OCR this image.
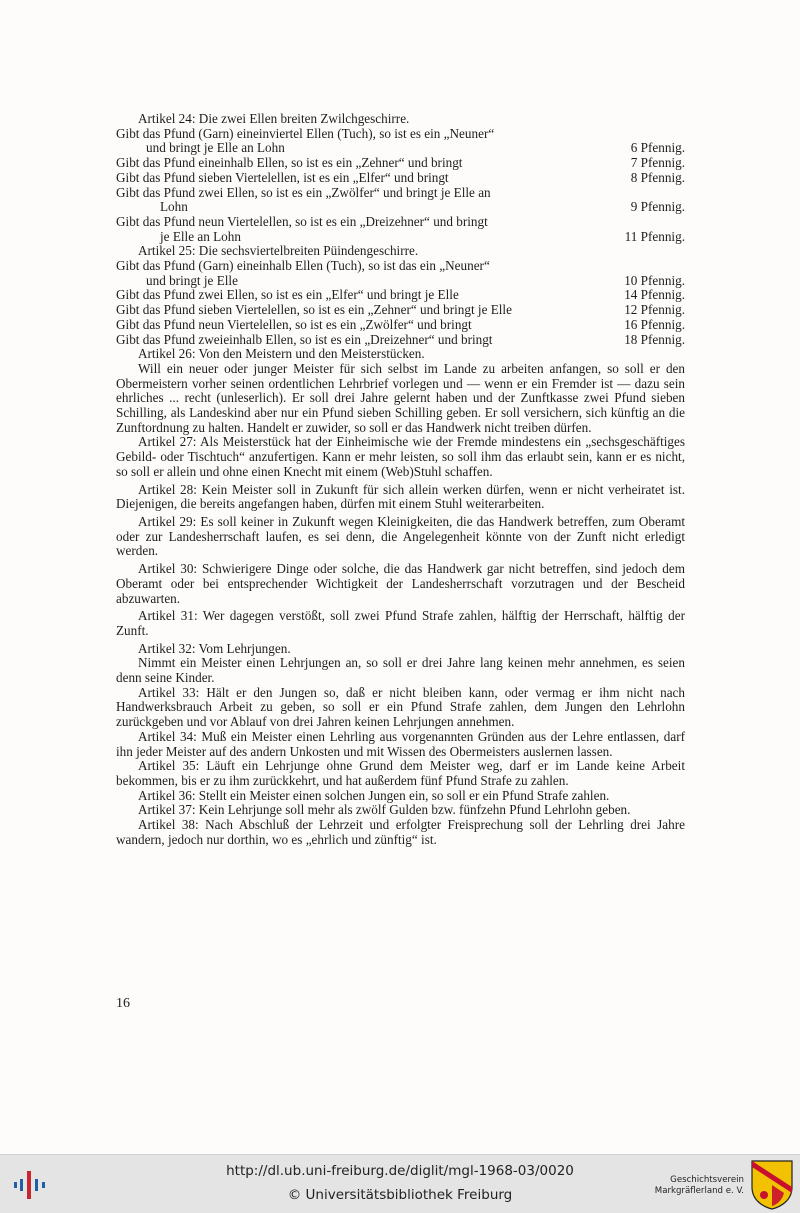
Artikel 24: Die zwei Ellen breiten Zwilchgeschirre.
Gibt das Pfund (Garn) eineinviertel Ellen (Tuch), so ist es ein „Neuner“
und bringt je Elle an Lohn	6 Pfennig.
Gibt das Pfund eineinhalb Ellen, so ist es ein „Zehner“ und bringt	7 Pfennig.
Gibt das Pfund sieben Viertelellen, ist es ein „Elfer“ und bringt	8 Pfennig.
Gibt das Pfund zwei Ellen, so ist es ein „Zwölfer“ und bringt je Elle an
Lohn	9 Pfennig.
Gibt das Pfund neun Viertelellen, so ist es ein „Dreizehner“ und bringt
je Elle an Lohn	11 Pfennig.
Artikel 25: Die sechsviertelbreiten Püindengeschirre.
Gibt das Pfund (Garn) eineinhalb Ellen (Tuch), so ist das ein „Neuner“
und bringt je Elle	10 Pfennig.
Gibt das Pfund zwei Ellen, so ist es ein „Elfer“ und bringt je Elle	14 Pfennig.
Gibt das Pfund sieben Viertelellen, so ist es ein „Zehner“ und bringt je Elle	12 Pfennig.
Gibt das Pfund neun Viertelellen, so ist es ein „Zwölfer“ und bringt	16 Pfennig.
Gibt das Pfund zweieinhalb Ellen, so ist es ein „Dreizehner“ und bringt	18 Pfennig.
Artikel 26: Von den Meistern und den Meisterstücken.

Will ein neuer oder junger Meister für sich selbst im Lande zu arbeiten anfangen, so soll er den Obermeistern vorher seinen ordentlichen Lehrbrief vorlegen und — wenn er ein Fremder ist — dazu sein ehrliches ... recht (unleserlich). Er soll drei Jahre gelernt haben und der Zunftkasse zwei Pfund sieben Schilling, als Landeskind aber nur ein Pfund sieben Schilling geben. Er soll versichern, sich künftig an die Zunftordnung zu halten. Handelt er zuwider, so soll er das Handwerk nicht treiben dürfen.

Artikel 27: Als Meisterstück hat der Einheimische wie der Fremde mindestens ein „sechsgeschäftiges Gebild- oder Tischtuch“ anzufertigen. Kann er mehr leisten, so soll ihm das erlaubt sein, kann er es nicht, so soll er allein und ohne einen Knecht mit einem (Web)Stuhl schaffen.

Artikel 28: Kein Meister soll in Zukunft für sich allein werken dürfen, wenn er nicht verheiratet ist. Diejenigen, die bereits angefangen haben, dürfen mit einem Stuhl weiterarbeiten.

Artikel 29: Es soll keiner in Zukunft wegen Kleinigkeiten, die das Handwerk betreffen, zum Oberamt oder zur Landesherrschaft laufen, es sei denn, die Angelegenheit könnte von der Zunft nicht erledigt werden.

Artikel 30: Schwierigere Dinge oder solche, die das Handwerk gar nicht betreffen, sind jedoch dem Oberamt oder bei entsprechender Wichtigkeit der Landesherrschaft vorzutragen und der Bescheid abzuwarten.

Artikel 31: Wer dagegen verstößt, soll zwei Pfund Strafe zahlen, hälftig der Herrschaft, hälftig der Zunft.

Artikel 32: Vom Lehrjungen.

Nimmt ein Meister einen Lehrjungen an, so soll er drei Jahre lang keinen mehr annehmen, es seien denn seine Kinder.

Artikel 33: Hält er den Jungen so, daß er nicht bleiben kann, oder vermag er ihm nicht nach Handwerksbrauch Arbeit zu geben, so soll er ein Pfund Strafe zahlen, dem Jungen den Lehrlohn zurückgeben und vor Ablauf von drei Jahren keinen Lehrjungen annehmen.

Artikel 34: Muß ein Meister einen Lehrling aus vorgenannten Gründen aus der Lehre entlassen, darf ihn jeder Meister auf des andern Unkosten und mit Wissen des Obermeisters auslernen lassen.

Artikel 35: Läuft ein Lehrjunge ohne Grund dem Meister weg, darf er im Lande keine Arbeit bekommen, bis er zu ihm zurückkehrt, und hat außerdem fünf Pfund Strafe zu zahlen.

Artikel 36: Stellt ein Meister einen solchen Jungen ein, so soll er ein Pfund Strafe zahlen.

Artikel 37: Kein Lehrjunge soll mehr als zwölf Gulden bzw. fünfzehn Pfund Lehrlohn geben.

Artikel 38: Nach Abschluß der Lehrzeit und erfolgter Freisprechung soll der Lehrling drei Jahre wandern, jedoch nur dorthin, wo es „ehrlich und zünftig“ ist.

16
http://dl.ub.uni-freiburg.de/diglit/mgl-1968-03/0020
© Universitätsbibliothek Freiburg
Geschichtsverein
Markgräflerland e. V.
